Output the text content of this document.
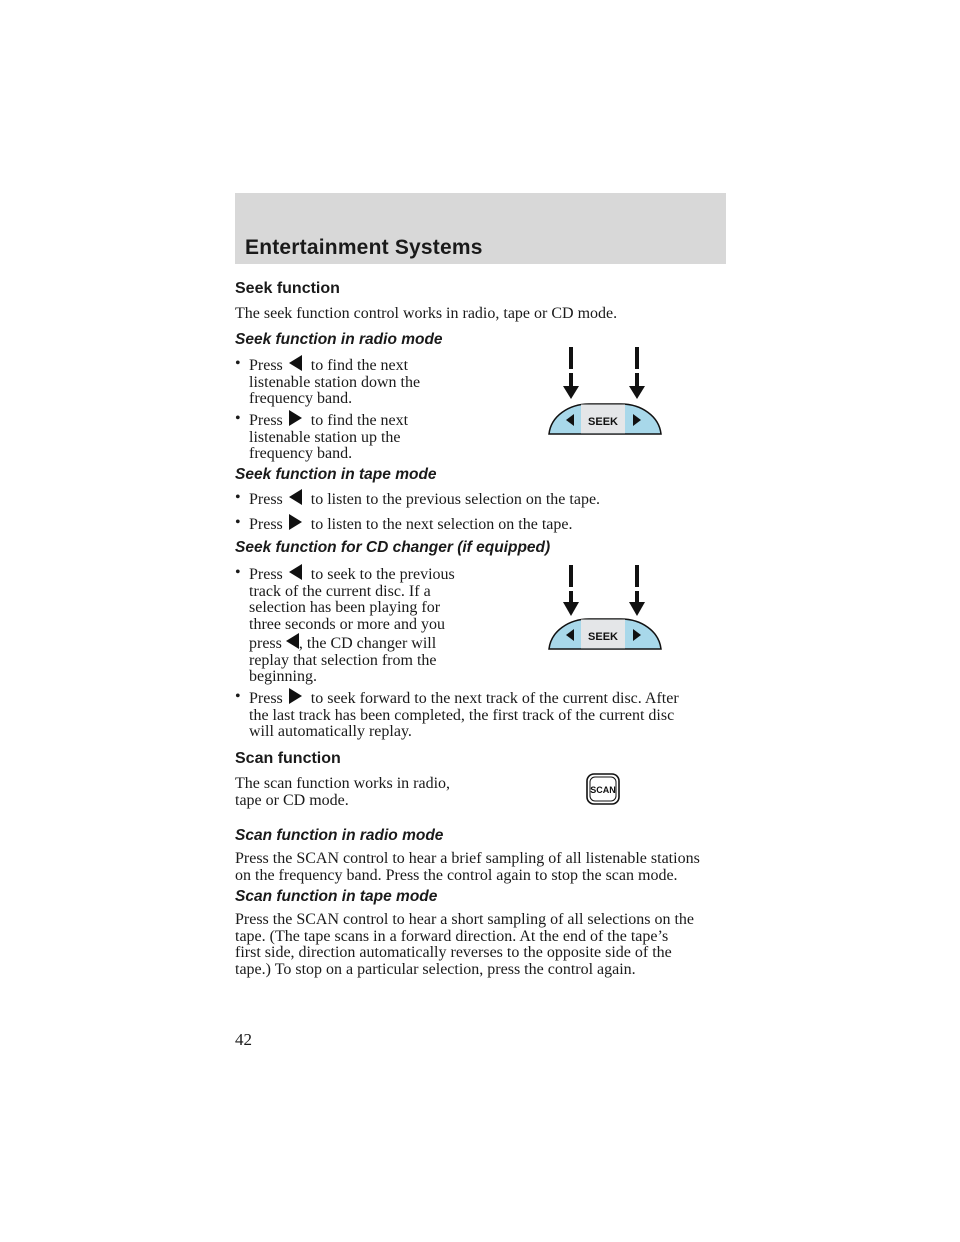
Entertainment Systems
Seek function
The seek function control works in radio, tape or CD mode.
Seek function in radio mode
• Press to find the next
listenable station down the
frequency band.
• Press to find the next
listenable station up the
frequency band.
Seek function in tape mode
• Press to listen to the previous selection on the tape.
• Press to listen to the next selection on the tape.
Seek function for CD changer (if equipped)
• Press to seek to the previous
track of the current disc. If a
selection has been playing for
three seconds or more and you
press , the CD changer will
replay that selection from the
beginning.
• Press to seek forward to the next track of the current disc. After
the last track has been completed, the first track of the current disc
will automatically replay.
Scan function
The scan function works in radio,
tape or CD mode.
Scan function in radio mode
Press the SCAN control to hear a brief sampling of all listenable stations
on the frequency band. Press the control again to stop the scan mode.
Scan function in tape mode
Press the SCAN control to hear a short sampling of all selections on the
tape. (The tape scans in a forward direction. At the end of the tape’s
first side, direction automatically reverses to the opposite side of the
tape.) To stop on a particular selection, press the control again.
SEEK
SEEK
SCAN
42
